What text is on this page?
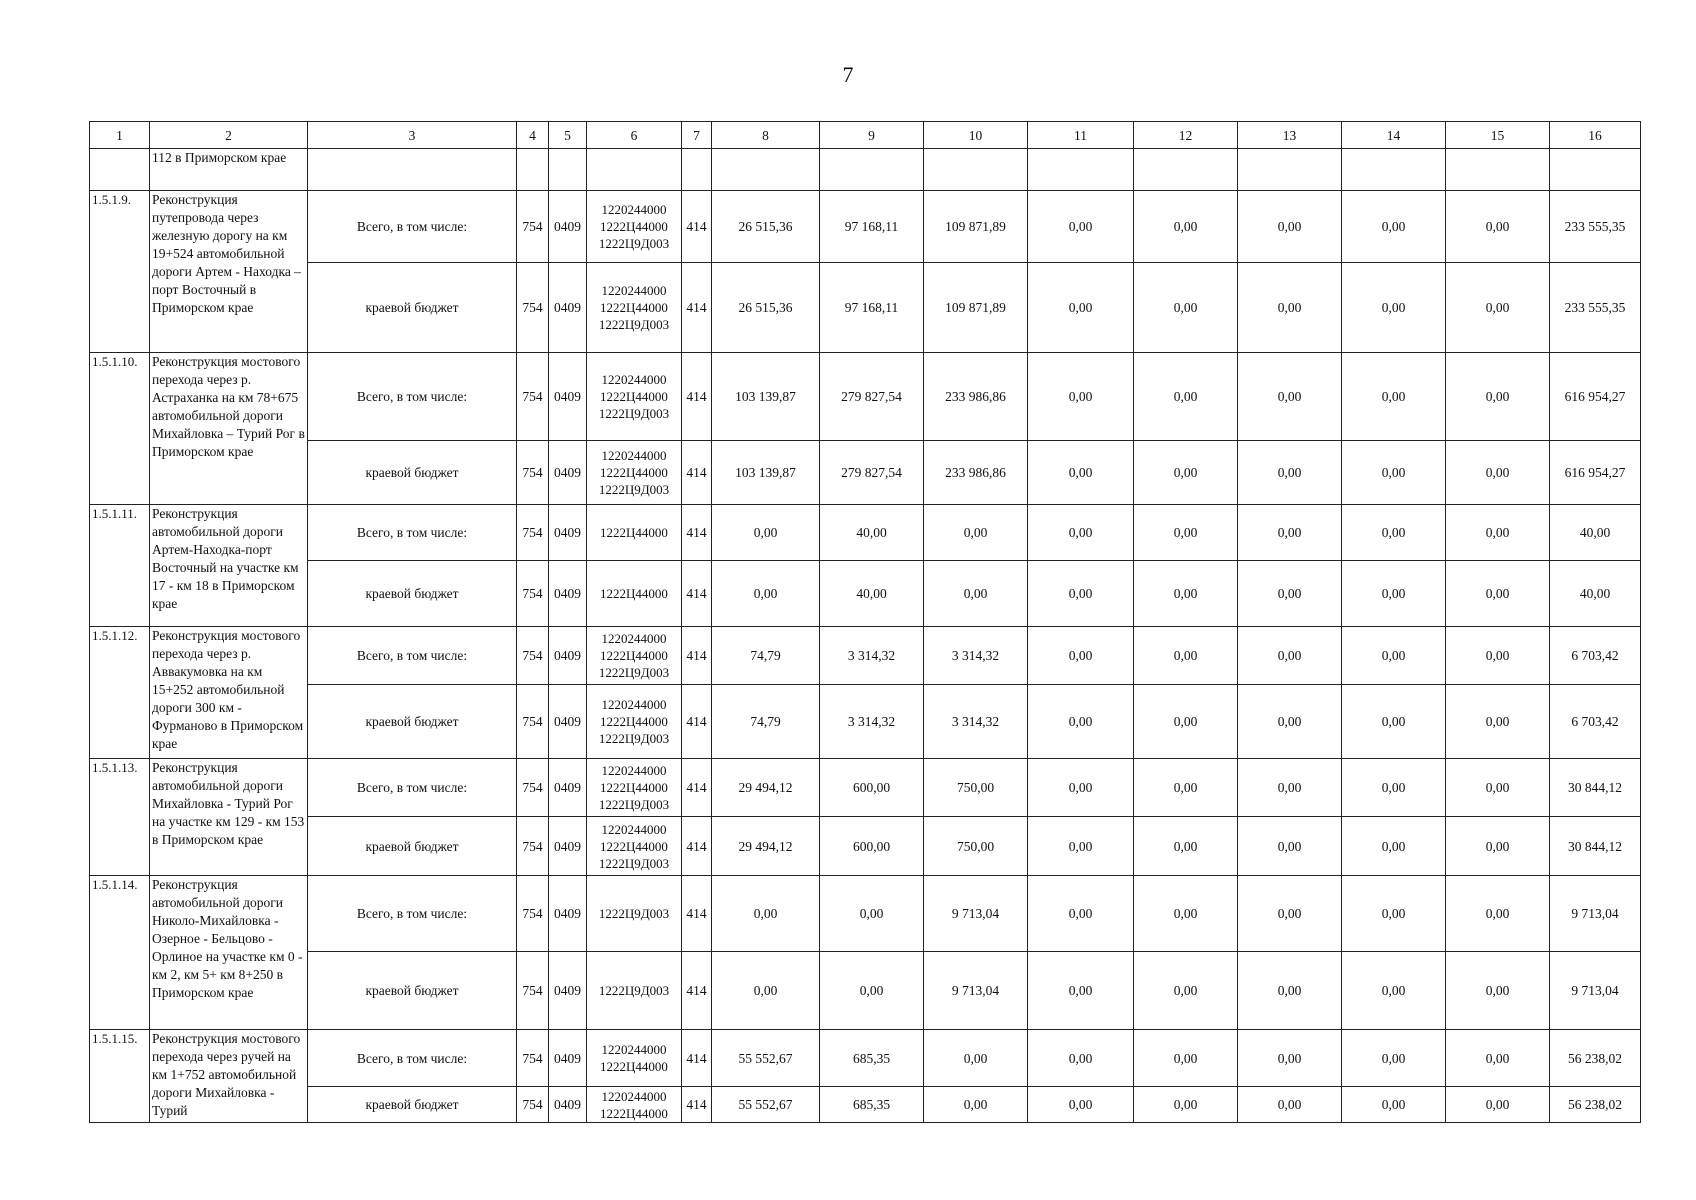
7
1	2	3	4	5	6	7	8	9	10	11	12	13	14	15	16
	112 в Приморском крае														
1.5.1.9.	Реконструкция путепровода через железную дорогу на км 19+524 автомобильной дороги Артем - Находка – порт Восточный в Приморском крае	Всего, в том числе:	754	0409	1220244000
1222Ц44000
1222Ц9Д003	414	26 515,36	97 168,11	109 871,89	0,00	0,00	0,00	0,00	0,00	233 555,35
		краевой бюджет	754	0409	1220244000
1222Ц44000
1222Ц9Д003	414	26 515,36	97 168,11	109 871,89	0,00	0,00	0,00	0,00	0,00	233 555,35
1.5.1.10.	Реконструкция мостового перехода через р. Астраханка на км 78+675 автомобильной дороги Михайловка – Турий Рог в Приморском крае	Всего, в том числе:	754	0409	1220244000
1222Ц44000
1222Ц9Д003	414	103 139,87	279 827,54	233 986,86	0,00	0,00	0,00	0,00	0,00	616 954,27
		краевой бюджет	754	0409	1220244000
1222Ц44000
1222Ц9Д003	414	103 139,87	279 827,54	233 986,86	0,00	0,00	0,00	0,00	0,00	616 954,27
1.5.1.11.	Реконструкция автомобильной дороги Артем-Находка-порт Восточный на участке км 17 - км 18 в Приморском крае	Всего, в том числе:	754	0409	1222Ц44000	414	0,00	40,00	0,00	0,00	0,00	0,00	0,00	0,00	40,00
		краевой бюджет	754	0409	1222Ц44000	414	0,00	40,00	0,00	0,00	0,00	0,00	0,00	0,00	40,00
1.5.1.12.	Реконструкция мостового перехода через р. Аввакумовка на км 15+252 автомобильной дороги 300 км - Фурманово в Приморском крае	Всего, в том числе:	754	0409	1220244000
1222Ц44000
1222Ц9Д003	414	74,79	3 314,32	3 314,32	0,00	0,00	0,00	0,00	0,00	6 703,42
		краевой бюджет	754	0409	1220244000
1222Ц44000
1222Ц9Д003	414	74,79	3 314,32	3 314,32	0,00	0,00	0,00	0,00	0,00	6 703,42
1.5.1.13.	Реконструкция автомобильной дороги Михайловка - Турий Рог на участке км 129 - км 153 в Приморском крае	Всего, в том числе:	754	0409	1220244000
1222Ц44000
1222Ц9Д003	414	29 494,12	600,00	750,00	0,00	0,00	0,00	0,00	0,00	30 844,12
		краевой бюджет	754	0409	1220244000
1222Ц44000
1222Ц9Д003	414	29 494,12	600,00	750,00	0,00	0,00	0,00	0,00	0,00	30 844,12
1.5.1.14.	Реконструкция автомобильной дороги Николо-Михайловка - Озерное - Бельцово - Орлиное на участке км 0 - км 2, км 5+ км 8+250 в Приморском крае	Всего, в том числе:	754	0409	1222Ц9Д003	414	0,00	0,00	9 713,04	0,00	0,00	0,00	0,00	0,00	9 713,04
		краевой бюджет	754	0409	1222Ц9Д003	414	0,00	0,00	9 713,04	0,00	0,00	0,00	0,00	0,00	9 713,04
1.5.1.15.	Реконструкция мостового перехода через ручей на км 1+752 автомобильной дороги Михайловка - Турий	Всего, в том числе:	754	0409	1220244000
1222Ц44000	414	55 552,67	685,35	0,00	0,00	0,00	0,00	0,00	0,00	56 238,02
		краевой бюджет	754	0409	1220244000
1222Ц44000	414	55 552,67	685,35	0,00	0,00	0,00	0,00	0,00	0,00	56 238,02
